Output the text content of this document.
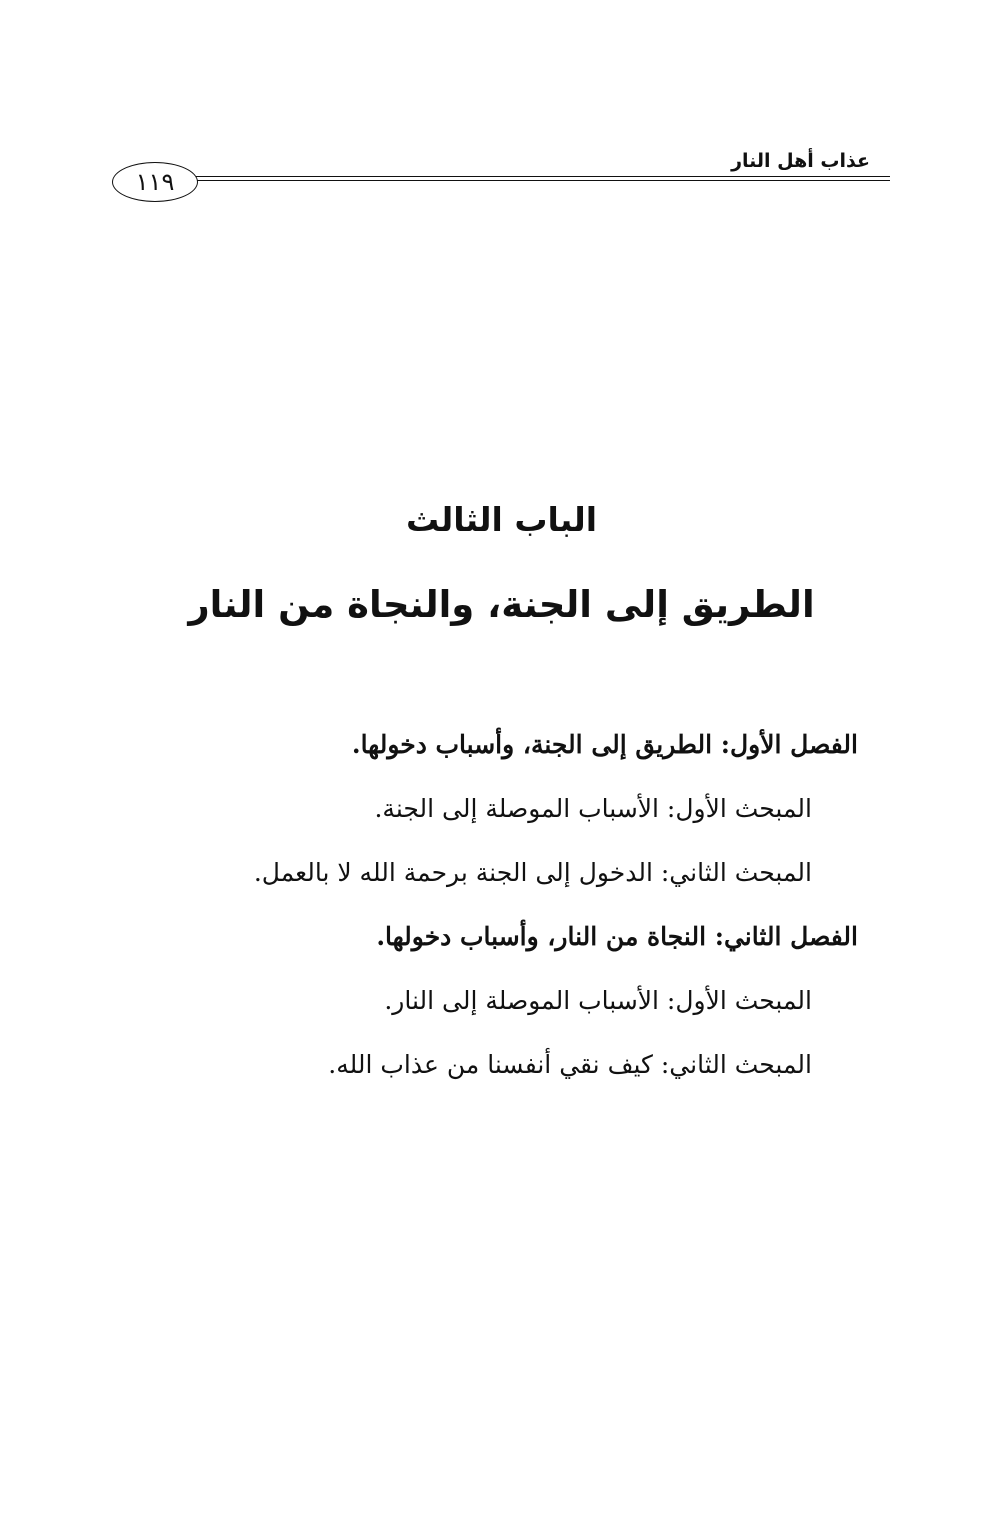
عذاب أهل النار
١١٩
الباب الثالث
الطريق إلى الجنة، والنجاة من النار
الفصل الأول: الطريق إلى الجنة، وأسباب دخولها.
المبحث الأول: الأسباب الموصلة إلى الجنة.
المبحث الثاني: الدخول إلى الجنة برحمة الله لا بالعمل.
الفصل الثاني: النجاة من النار، وأسباب دخولها.
المبحث الأول: الأسباب الموصلة إلى النار.
المبحث الثاني: كيف نقي أنفسنا من عذاب الله.
